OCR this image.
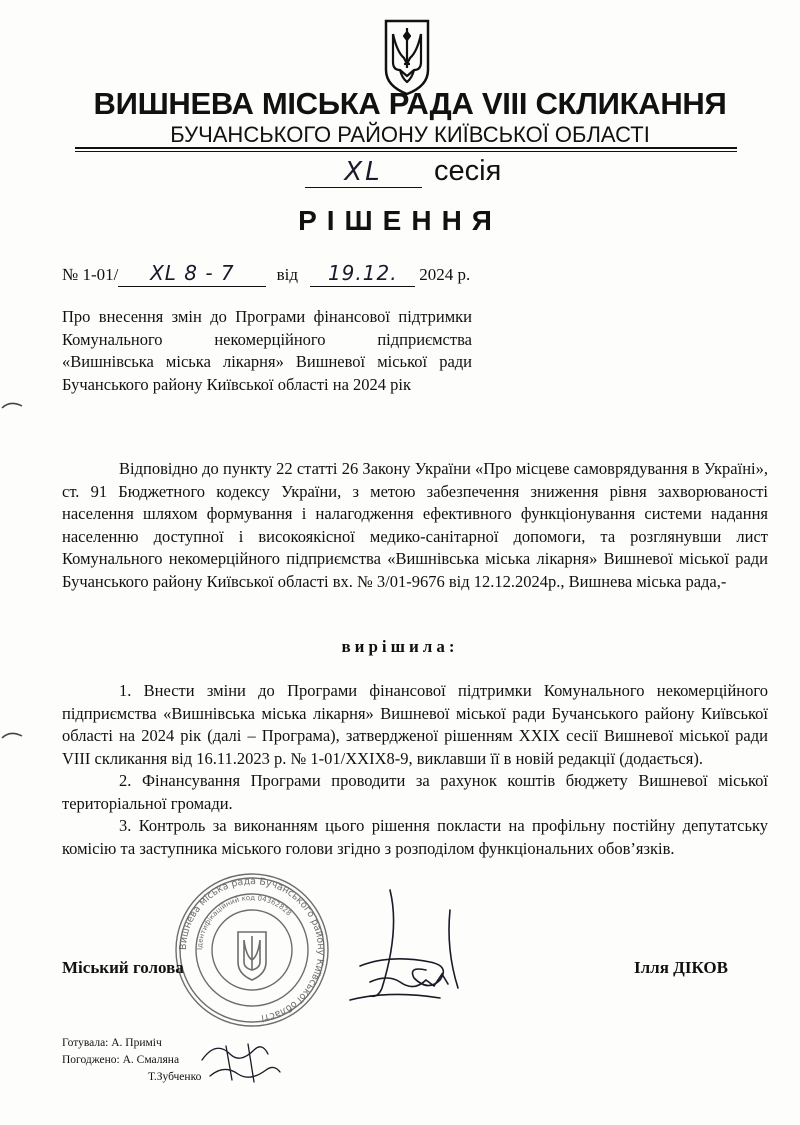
ВИШНЕВА МІСЬКА РАДА VIII СКЛИКАННЯ
БУЧАНСЬКОГО РАЙОНУ КИЇВСЬКОЇ ОБЛАСТІ
XL сесія
РІШЕННЯ
№ 1-01/ XL 8 - 7 від 19.12. 2024 р.
Про внесення змін до Програми фінансової підтримки Комунального некомерційного підприємства «Вишнівська міська лікарня» Вишневої міської ради Бучанського району Київської області на 2024 рік
Відповідно до пункту 22 статті 26 Закону України «Про місцеве самоврядування в Україні», ст. 91 Бюджетного кодексу України, з метою забезпечення зниження рівня захворюваності населення шляхом формування і налагодження ефективного функціонування системи надання населенню доступної і високоякісної медико-санітарної допомоги, та розглянувши лист Комунального некомерційного підприємства «Вишнівська міська лікарня» Вишневої міської ради Бучанського району Київської області вх. № 3/01-9676 від 12.12.2024р., Вишнева міська рада,-
вирішила:

1. Внести зміни до Програми фінансової підтримки Комунального некомерційного підприємства «Вишнівська міська лікарня» Вишневої міської ради Бучанського району Київської області на 2024 рік (далі – Програма), затвердженої рішенням XXIX сесії Вишневої міської ради VIII скликання від 16.11.2023 р. № 1-01/XXIX8-9, виклавши її в новій редакції (додається).

2. Фінансування Програми проводити за рахунок коштів бюджету Вишневої міської територіальної громади.

3. Контроль за виконанням цього рішення покласти на профільну постійну депутатську комісію та заступника міського голови згідно з розподілом функціональних обов’язків.

Вишнева міська рада Бучанського району Київської області
Ідентифікаційний код 04362828
Міський голова	Ілля ДІКОВ
Готувала: А. Приміч
Погоджено: А. Смаляна
Т.Зубченко
